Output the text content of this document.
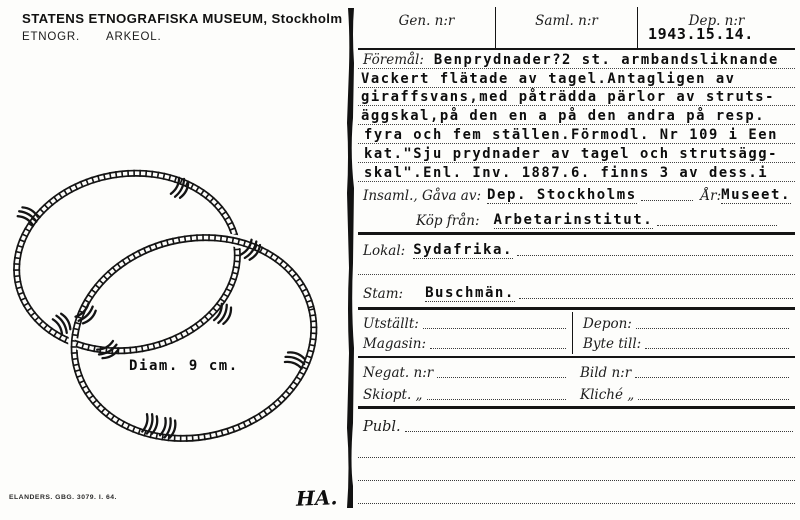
STATENS ETNOGRAFISKA MUSEUM, Stockholm
ETNOGR. ARKEOL.
Diam. 9 cm.
ELANDERS. GBG. 3079. I. 64.	HA.
Gen. n:r	Saml. n:r	Dep. n:r
1943.15.14.
Föremål: Benprydnader?2 st. armbandsliknande
Vackert flätade av tagel.Antagligen av
giraffsvans,med påträdda pärlor av struts-
äggskal,på den en a på den andra på resp.
fyra och fem ställen.Förmodl. Nr 109 i Een
kat."Sju prydnader av tagel och strutsägg-
skal".Enl. Inv. 1887.6. finns 3 av dess.i
Insaml., Gåva av: Dep. Stockholms	År: Museet.
Köp från: Arbetarinstitut.
Lokal: Sydafrika.
Stam: Buschmän.
Utställt:
Magasin:
Depon:
Byte till:
Negat. n:r
Skiopt. „
Bild n:r
Kliché „
Publ.
